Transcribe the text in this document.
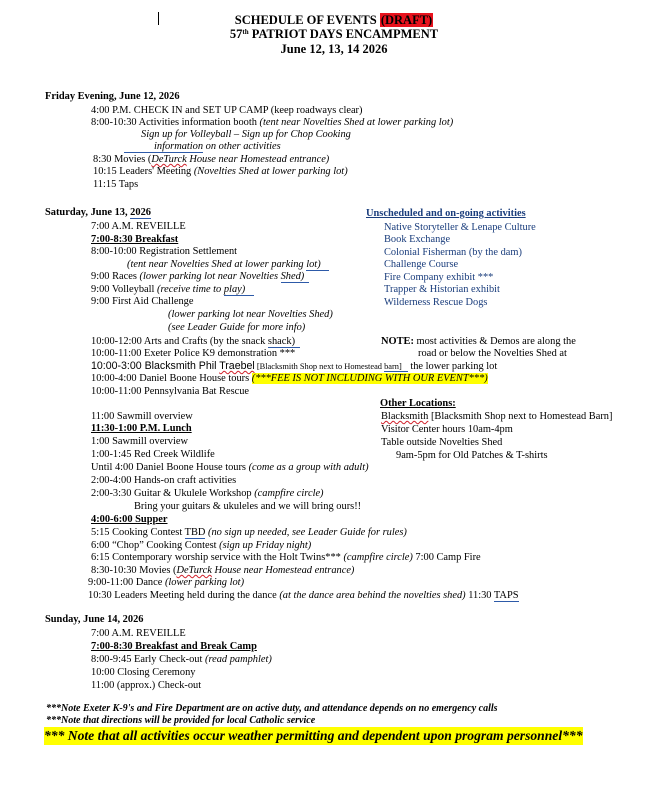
SCHEDULE OF EVENTS (DRAFT)
57th PATRIOT DAYS ENCAMPMENT
June 12, 13, 14 2026
Friday Evening, June 12, 2026
4:00 P.M. CHECK IN and SET UP CAMP (keep roadways clear)
8:00-10:30 Activities information booth (tent near Novelties Shed at lower parking lot)
Sign up for Volleyball – Sign up for Chop Cooking
information on other activities
8:30 Movies (DeTurck House near Homestead entrance)
10:15 Leaders' Meeting (Novelties Shed at lower parking lot)
11:15 Taps
Saturday, June 13, 2026
7:00 A.M. REVEILLE
7:00-8:30 Breakfast
8:00-10:00 Registration Settlement
(tent near Novelties Shed at lower parking lot)
9:00 Races (lower parking lot near Novelties Shed)
9:00 Volleyball (receive time to play)
9:00 First Aid Challenge
(lower parking lot near Novelties Shed)
(see Leader Guide for more info)
10:00-12:00 Arts and Crafts (by the snack shack)
10:00-11:00 Exeter Police K9 demonstration ***
10:00-3:00 Blacksmith Phil Traebel [Blacksmith Shop next to Homestead barn] the lower parking lot
10:00-4:00 Daniel Boone House tours (***FEE IS NOT INCLUDING WITH OUR EVENT***)
10:00-11:00 Pennsylvania Bat Rescue
11:00 Sawmill overview
11:30-1:00 P.M. Lunch
1:00 Sawmill overview
1:00-1:45 Red Creek Wildlife
Until 4:00 Daniel Boone House tours (come as a group with adult)
2:00-4:00 Hands-on craft activities
2:00-3:30 Guitar & Ukulele Workshop (campfire circle)
Bring your guitars & ukuleles and we will bring ours!!
4:00-6:00 Supper
5:15 Cooking Contest TBD (no sign up needed, see Leader Guide for rules)
6:00 “Chop” Cooking Contest (sign up Friday night)
6:15 Contemporary worship service with the Holt Twins*** (campfire circle) 7:00 Camp Fire
8:30-10:30 Movies (DeTurck House near Homestead entrance)
9:00-11:00 Dance (lower parking lot)
10:30 Leaders Meeting held during the dance (at the dance area behind the novelties shed) 11:30 TAPS
Unscheduled and on-going activities
Native Storyteller & Lenape Culture
Book Exchange
Colonial Fisherman (by the dam)
Challenge Course
Fire Company exhibit ***
Trapper & Historian exhibit
Wilderness Rescue Dogs
NOTE: most activities & Demos are along the
road or below the Novelties Shed at
Other Locations:
Blacksmith [Blacksmith Shop next to Homestead Barn]
Visitor Center hours 10am-4pm
Table outside Novelties Shed
9am-5pm for Old Patches & T-shirts
Sunday, June 14, 2026
7:00 A.M. REVEILLE
7:00-8:30 Breakfast and Break Camp
8:00-9:45 Early Check-out (read pamphlet)
10:00 Closing Ceremony
11:00 (approx.) Check-out
***Note Exeter K-9's and Fire Department are on active duty, and attendance depends on no emergency calls
***Note that directions will be provided for local Catholic service
*** Note that all activities occur weather permitting and dependent upon program personnel***
